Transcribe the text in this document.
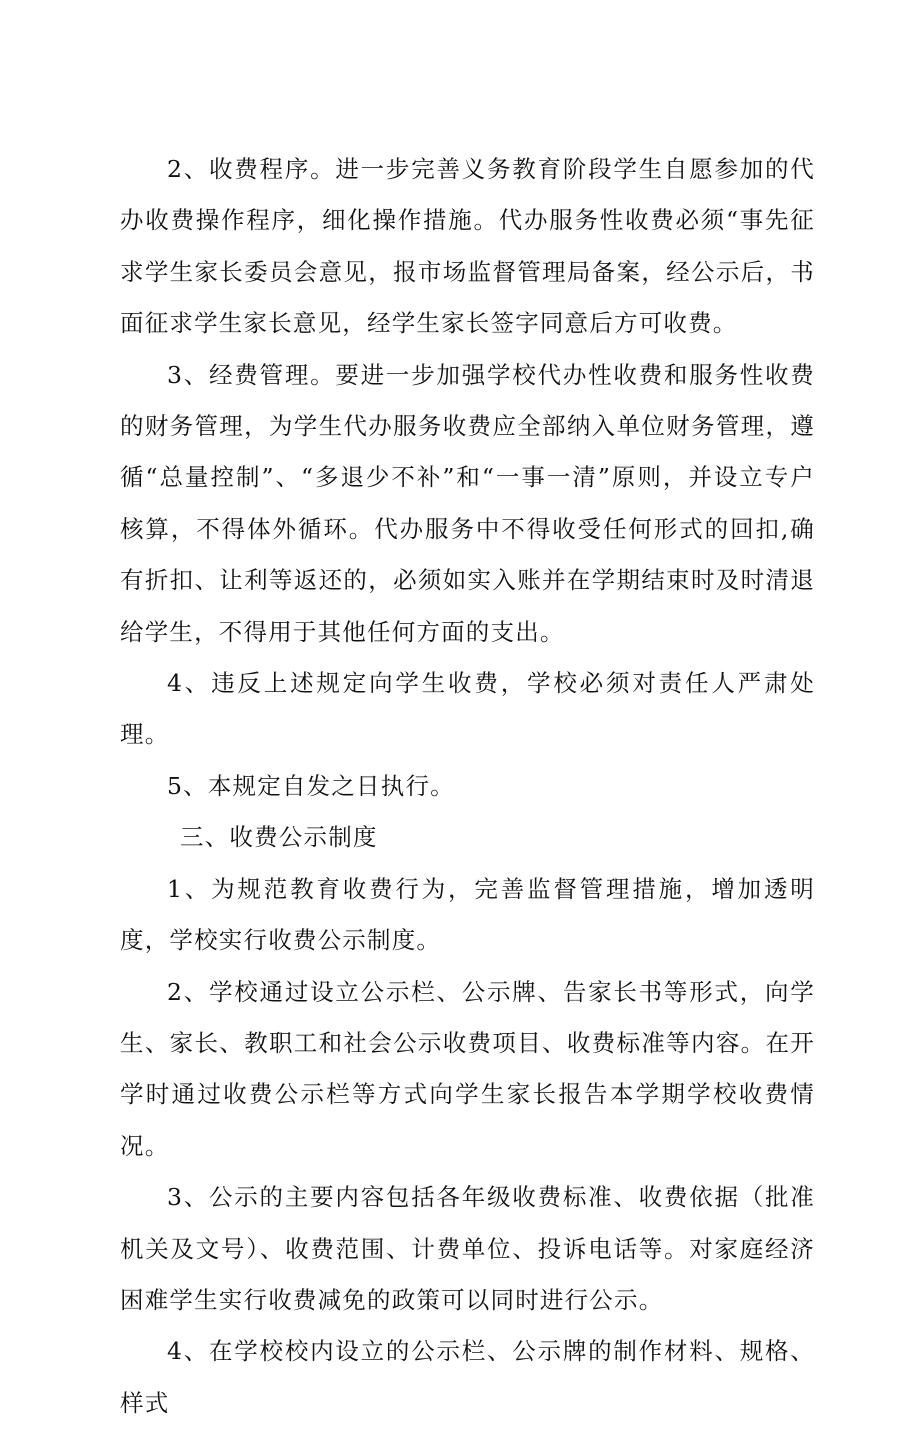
2、收费程序。进一步完善义务教育阶段学生自愿参加的代办收费操作程序，细化操作措施。代办服务性收费必须“事先征求学生家长委员会意见，报市场监督管理局备案，经公示后，书面征求学生家长意见，经学生家长签字同意后方可收费。

3、经费管理。要进一步加强学校代办性收费和服务性收费的财务管理，为学生代办服务收费应全部纳入单位财务管理，遵循“总量控制”、“多退少不补”和“一事一清”原则，并设立专户核算，不得体外循环。代办服务中不得收受任何形式的回扣,确有折扣、让利等返还的，必须如实入账并在学期结束时及时清退给学生，不得用于其他任何方面的支出。

4、违反上述规定向学生收费，学校必须对责任人严肃处理。

5、本规定自发之日执行。

三、收费公示制度

1、为规范教育收费行为，完善监督管理措施，增加透明度，学校实行收费公示制度。

2、学校通过设立公示栏、公示牌、告家长书等形式，向学生、家长、教职工和社会公示收费项目、收费标准等内容。在开学时通过收费公示栏等方式向学生家长报告本学期学校收费情况。

3、公示的主要内容包括各年级收费标准、收费依据（批准机关及文号）、收费范围、计费单位、投诉电话等。对家庭经济困难学生实行收费减免的政策可以同时进行公示。

4、在学校校内设立的公示栏、公示牌的制作材料、规格、样式
